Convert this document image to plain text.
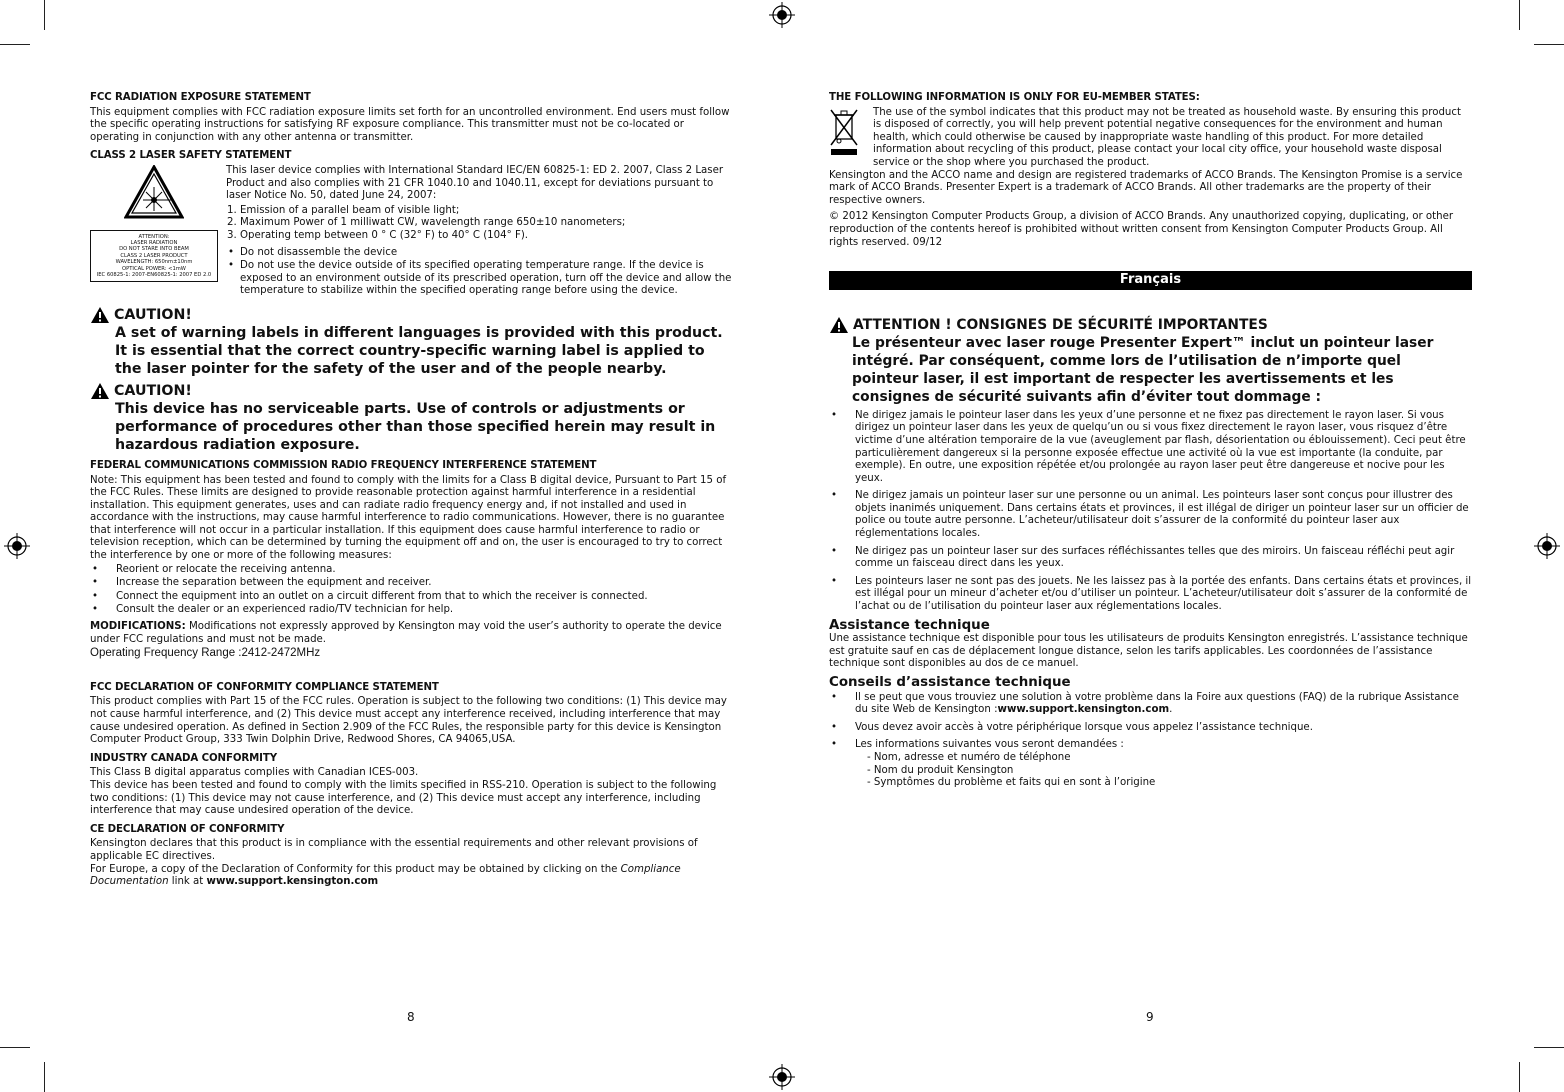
FCC RADIATION EXPOSURE STATEMENT

This equipment complies with FCC radiation exposure limits set forth for an uncontrolled environment. End users must follow the specific operating instructions for satisfying RF exposure compliance. This transmitter must not be co-located or operating in conjunction with any other antenna or transmitter.

CLASS 2 LASER SAFETY STATEMENT
ATTENTION:
LASER RADIATION
DO NOT STARE INTO BEAM
CLASS 2 LASER PRODUCT
WAVELENGTH: 650nm±10nm
OPTICAL POWER: <1mW
IEC 60825-1: 2007-EN60825-1: 2007 ED 2.0
This laser device complies with International Standard IEC/EN 60825-1: ED 2. 2007, Class 2 Laser Product and also complies with 21 CFR 1040.10 and 1040.11, except for deviations pursuant to laser Notice No. 50, dated June 24, 2007:
1. Emission of a parallel beam of visible light;
2. Maximum Power of 1 milliwatt CW, wavelength range 650±10 nanometers;
3. Operating temp between 0 ° C (32° F) to 40° C (104° F).
• Do not disassemble the device
• Do not use the device outside of its specified operating temperature range. If the device is exposed to an environment outside of its prescribed operation, turn off the device and allow the temperature to stabilize within the specified operating range before using the device.
CAUTION!
A set of warning labels in different languages is provided with this product. It is essential that the correct country-specific warning label is applied to the laser pointer for the safety of the user and of the people nearby.
CAUTION!
This device has no serviceable parts. Use of controls or adjustments or performance of procedures other than those specified herein may result in hazardous radiation exposure.
FEDERAL COMMUNICATIONS COMMISSION RADIO FREQUENCY INTERFERENCE STATEMENT

Note: This equipment has been tested and found to comply with the limits for a Class B digital device, Pursuant to Part 15 of the FCC Rules. These limits are designed to provide reasonable protection against harmful interference in a residential installation. This equipment generates, uses and can radiate radio frequency energy and, if not installed and used in accordance with the instructions, may cause harmful interference to radio communications. However, there is no guarantee that interference will not occur in a particular installation. If this equipment does cause harmful interference to radio or television reception, which can be determined by turning the equipment off and on, the user is encouraged to try to correct the interference by one or more of the following measures:

• Reorient or relocate the receiving antenna.
• Increase the separation between the equipment and receiver.
• Connect the equipment into an outlet on a circuit different from that to which the receiver is connected.
• Consult the dealer or an experienced radio/TV technician for help.

MODIFICATIONS: Modifications not expressly approved by Kensington may void the user’s authority to operate the device under FCC regulations and must not be made.

Operating Frequency Range :2412-2472MHz

FCC DECLARATION OF CONFORMITY COMPLIANCE STATEMENT

This product complies with Part 15 of the FCC rules. Operation is subject to the following two conditions: (1) This device may not cause harmful interference, and (2) This device must accept any interference received, including interference that may cause undesired operation. As defined in Section 2.909 of the FCC Rules, the responsible party for this device is Kensington Computer Product Group, 333 Twin Dolphin Drive, Redwood Shores, CA 94065,USA.

INDUSTRY CANADA CONFORMITY
This Class B digital apparatus complies with Canadian ICES-003.

This device has been tested and found to comply with the limits specified in RSS-210. Operation is subject to the following two conditions: (1) This device may not cause interference, and (2) This device must accept any interference, including interference that may cause undesired operation of the device.

CE DECLARATION OF CONFORMITY
Kensington declares that this product is in compliance with the essential requirements and other relevant provisions of applicable EC directives.
For Europe, a copy of the Declaration of Conformity for this product may be obtained by clicking on the Compliance Documentation link at www.support.kensington.com
8
THE FOLLOWING INFORMATION IS ONLY FOR EU-MEMBER STATES:
The use of the symbol indicates that this product may not be treated as household waste. By ensuring this product is disposed of correctly, you will help prevent potential negative consequences for the environment and human health, which could otherwise be caused by inappropriate waste handling of this product. For more detailed information about recycling of this product, please contact your local city office, your household waste disposal service or the shop where you purchased the product.

Kensington and the ACCO name and design are registered trademarks of ACCO Brands. The Kensington Promise is a service mark of ACCO Brands. Presenter Expert is a trademark of ACCO Brands. All other trademarks are the property of their respective owners.

© 2012 Kensington Computer Products Group, a division of ACCO Brands. Any unauthorized copying, duplicating, or other reproduction of the contents hereof is prohibited without written consent from Kensington Computer Products Group. All rights reserved. 09/12

Français
ATTENTION ! CONSIGNES DE SÉCURITÉ IMPORTANTES
Le présenteur avec laser rouge Presenter Expert™ inclut un pointeur laser intégré. Par conséquent, comme lors de l’utilisation de n’importe quel pointeur laser, il est important de respecter les avertissements et les consignes de sécurité suivants afin d’éviter tout dommage :
• Ne dirigez jamais le pointeur laser dans les yeux d’une personne et ne fixez pas directement le rayon laser. Si vous dirigez un pointeur laser dans les yeux de quelqu’un ou si vous fixez directement le rayon laser, vous risquez d’être victime d’une altération temporaire de la vue (aveuglement par flash, désorientation ou éblouissement). Ceci peut être particulièrement dangereux si la personne exposée effectue une activité où la vue est importante (la conduite, par exemple). En outre, une exposition répétée et/ou prolongée au rayon laser peut être dangereuse et nocive pour les yeux.
• Ne dirigez jamais un pointeur laser sur une personne ou un animal. Les pointeurs laser sont conçus pour illustrer des objets inanimés uniquement. Dans certains états et provinces, il est illégal de diriger un pointeur laser sur un officier de police ou toute autre personne. L’acheteur/utilisateur doit s’assurer de la conformité du pointeur laser aux réglementations locales.
• Ne dirigez pas un pointeur laser sur des surfaces réfléchissantes telles que des miroirs. Un faisceau réfléchi peut agir comme un faisceau direct dans les yeux.
• Les pointeurs laser ne sont pas des jouets. Ne les laissez pas à la portée des enfants. Dans certains états et provinces, il est illégal pour un mineur d’acheter et/ou d’utiliser un pointeur. L’acheteur/utilisateur doit s’assurer de la conformité de l’achat ou de l’utilisation du pointeur laser aux réglementations locales.
Assistance technique

Une assistance technique est disponible pour tous les utilisateurs de produits Kensington enregistrés. L’assistance technique est gratuite sauf en cas de déplacement longue distance, selon les tarifs applicables. Les coordonnées de l’assistance technique sont disponibles au dos de ce manuel.

Conseils d’assistance technique
• Il se peut que vous trouviez une solution à votre problème dans la Foire aux questions (FAQ) de la rubrique Assistance du site Web de Kensington :www.support.kensington.com.
• Vous devez avoir accès à votre périphérique lorsque vous appelez l’assistance technique.
• Les informations suivantes vous seront demandées :
- Nom, adresse et numéro de téléphone
- Nom du produit Kensington
- Symptômes du problème et faits qui en sont à l’origine
9
